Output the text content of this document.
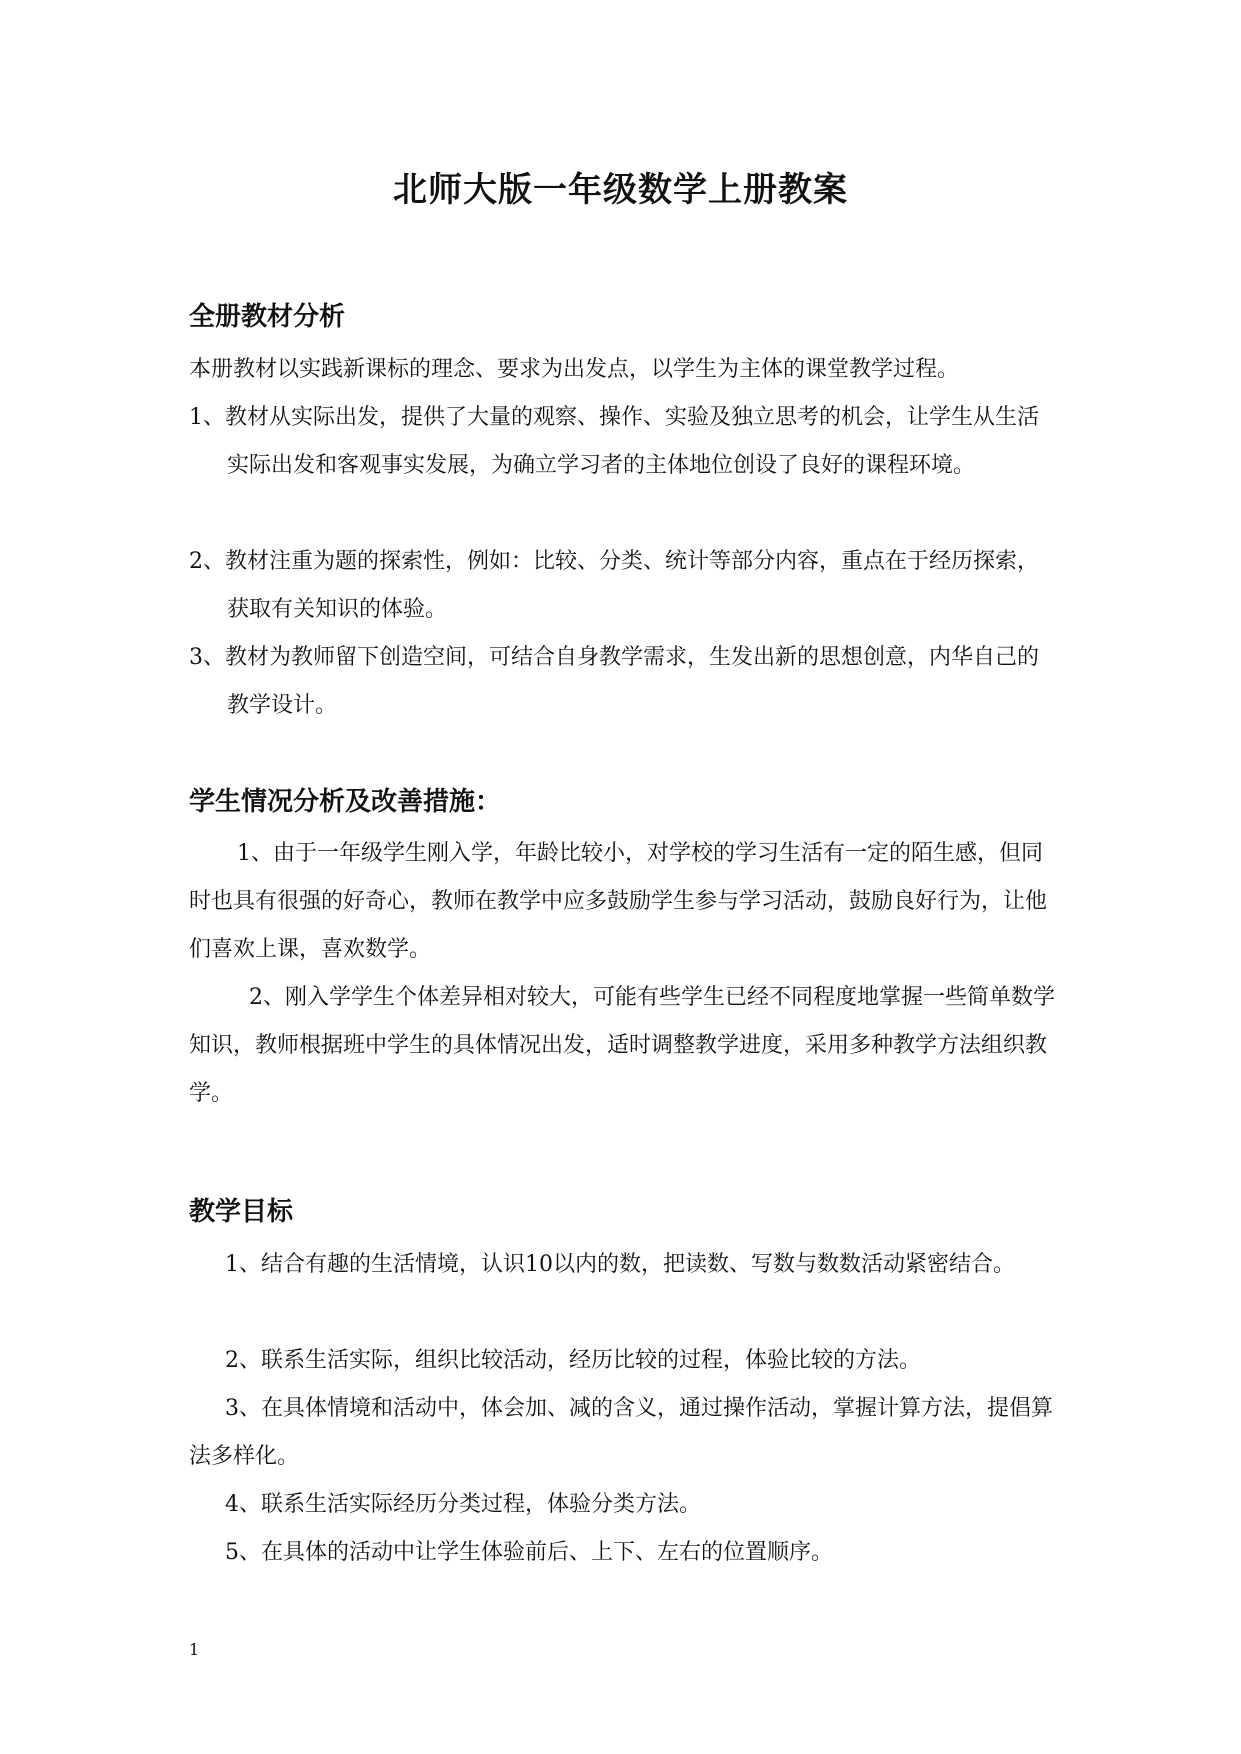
北师大版一年级数学上册教案
全册教材分析
本册教材以实践新课标的理念、要求为出发点，以学生为主体的课堂教学过程。
1、教材从实际出发，提供了大量的观察、操作、实验及独立思考的机会，让学生从生活实际出发和客观事实发展，为确立学习者的主体地位创设了良好的课程环境。
2、教材注重为题的探索性，例如：比较、分类、统计等部分内容，重点在于经历探索，获取有关知识的体验。
3、教材为教师留下创造空间，可结合自身教学需求，生发出新的思想创意，内华自己的教学设计。
学生情况分析及改善措施：
1、由于一年级学生刚入学，年龄比较小，对学校的学习生活有一定的陌生感，但同时也具有很强的好奇心，教师在教学中应多鼓励学生参与学习活动，鼓励良好行为，让他们喜欢上课，喜欢数学。
2、刚入学学生个体差异相对较大，可能有些学生已经不同程度地掌握一些简单数学知识，教师根据班中学生的具体情况出发，适时调整教学进度，采用多种教学方法组织教学。
教学目标
1、结合有趣的生活情境，认识10以内的数，把读数、写数与数数活动紧密结合。
2、联系生活实际，组织比较活动，经历比较的过程，体验比较的方法。
3、在具体情境和活动中，体会加、减的含义，通过操作活动，掌握计算方法，提倡算法多样化。
4、联系生活实际经历分类过程，体验分类方法。
5、在具体的活动中让学生体验前后、上下、左右的位置顺序。
1
